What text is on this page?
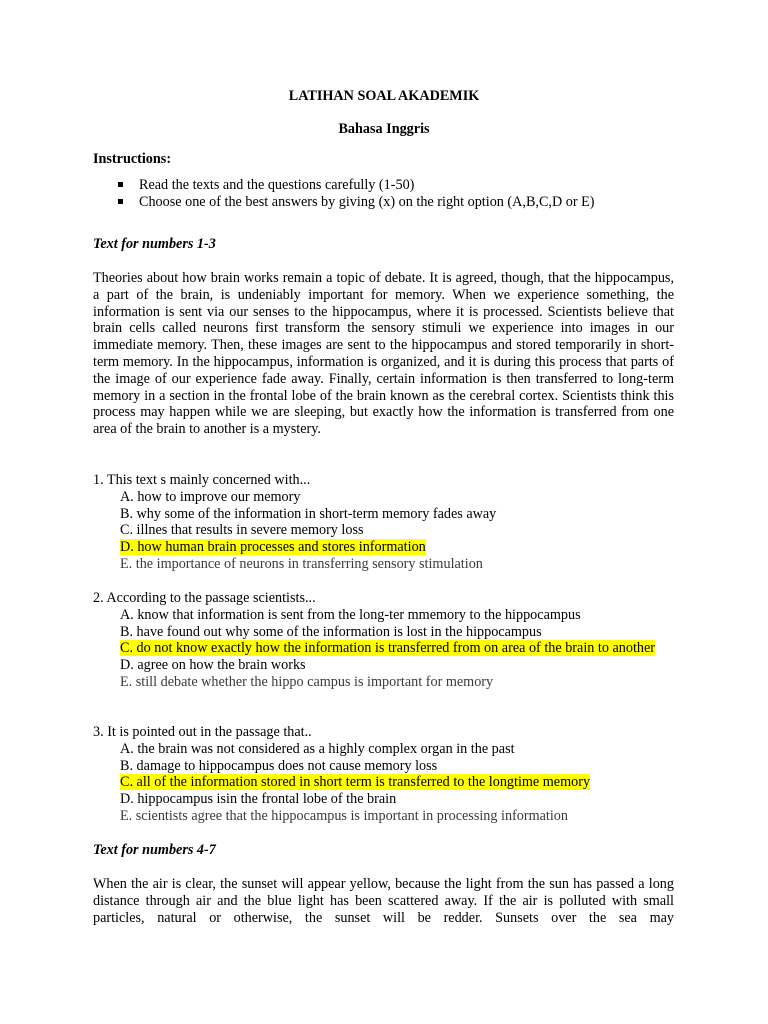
LATIHAN SOAL AKADEMIK
Bahasa Inggris
Instructions:
Read the texts and the questions carefully (1-50)
Choose one of the best answers by giving (x) on the right option (A,B,C,D or E)
Text for numbers 1-3
Theories about how brain works remain a topic of debate. It is agreed, though, that the hippocampus, a part of the brain, is undeniably important for memory. When we experience something, the information is sent via our senses to the hippocampus, where it is processed. Scientists believe that brain cells called neurons first transform the sensory stimuli we experience into images in our immediate memory. Then, these images are sent to the hippocampus and stored temporarily in short-term memory. In the hippocampus, information is organized, and it is during this process that parts of the image of our experience fade away. Finally, certain information is then transferred to long-term memory in a section in the frontal lobe of the brain known as the cerebral cortex. Scientists think this process may happen while we are sleeping, but exactly how the information is transferred from one area of the brain to another is a mystery.
1. This text s mainly concerned with...
A. how to improve our memory
B. why some of the information in short-term memory fades away
C. illnes that results in severe memory loss
D. how human brain processes and stores information
E. the importance of neurons in transferring sensory stimulation
2. According to the passage scientists...
A. know that information is sent from the long-ter mmemory to the hippocampus
B. have found out why some of the information is lost in the hippocampus
C. do not know exactly how the information is transferred from on area of the brain to another
D. agree on how the brain works
E. still debate whether the hippo campus is important for memory
3. It is pointed out in the passage that..
A. the brain was not considered as a highly complex organ in the past
B. damage to hippocampus does not cause memory loss
C. all of the information stored in short term is transferred to the longtime memory
D. hippocampus isin the frontal lobe of the brain
E. scientists agree that the hippocampus is important in processing information
Text for numbers 4-7
When the air is clear, the sunset will appear yellow, because the light from the sun has passed a long distance through air and the blue light has been scattered away. If the air is polluted with small particles, natural or otherwise, the sunset will be redder. Sunsets over the sea may
